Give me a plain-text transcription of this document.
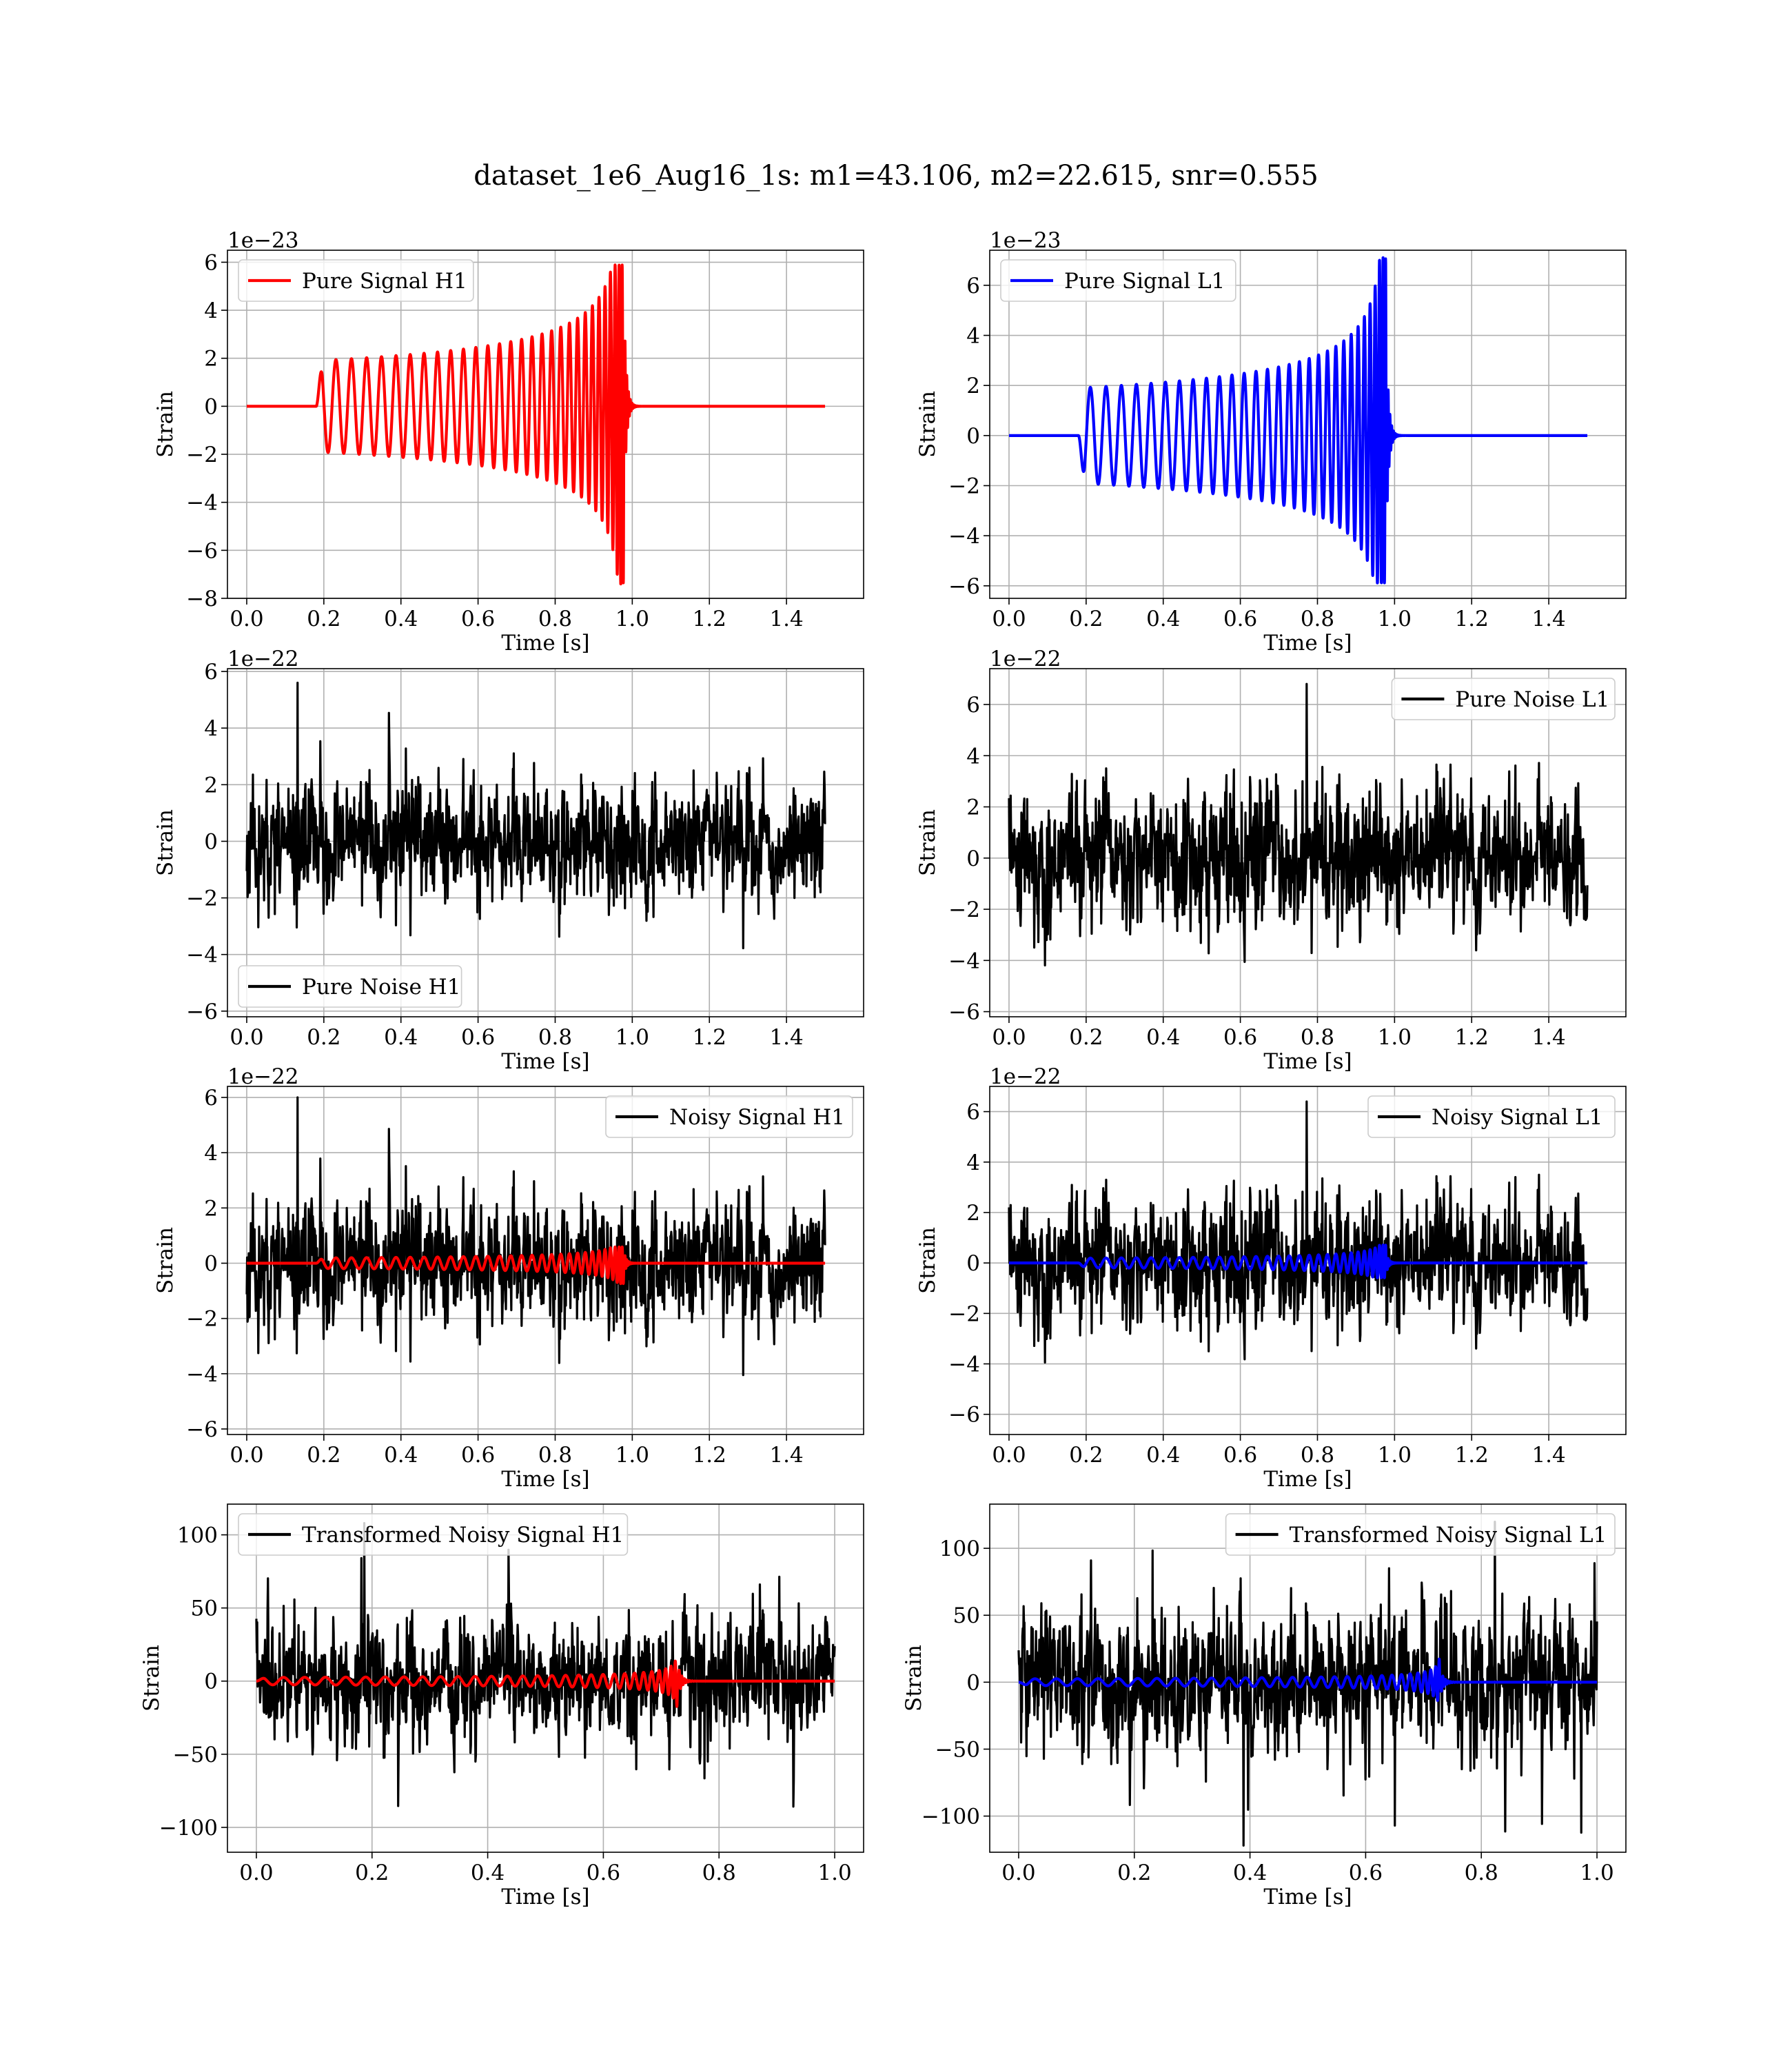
dataset_1e6_Aug16_1s: m1=43.106, m2=22.615, snr=0.555
0.0 0.2 0.4 0.6 0.8 1.0 1.2 1.4
−8
−6
−4
−2
0
2
4
6
Time [s]
Strain
1e−23
Pure Signal H1
0.0 0.2 0.4 0.6 0.8 1.0 1.2 1.4
−6
−4
−2
0
2
4
6
Time [s]
Strain
1e−23
Pure Signal L1
0.0 0.2 0.4 0.6 0.8 1.0 1.2 1.4
−6
−4
−2
0
2
4
6
Time [s]
Strain
1e−22
Pure Noise H1
0.0 0.2 0.4 0.6 0.8 1.0 1.2 1.4
−6
−4
−2
0
2
4
6
Time [s]
Strain
1e−22
Pure Noise L1
0.0 0.2 0.4 0.6 0.8 1.0 1.2 1.4
−6
−4
−2
0
2
4
6
Time [s]
Strain
1e−22
Noisy Signal H1
0.0 0.2 0.4 0.6 0.8 1.0 1.2 1.4
−6
−4
−2
0
2
4
6
Time [s]
Strain
1e−22
Noisy Signal L1
0.0	0.2	0.4	0.6	0.8	1.0
−100
−50
0
50
100
Time [s]
Strain
Transformed Noisy Signal H1
0.0	0.2	0.4	0.6	0.8	1.0
−100
−50
0
50
100
Time [s]
Strain
Transformed Noisy Signal L1
